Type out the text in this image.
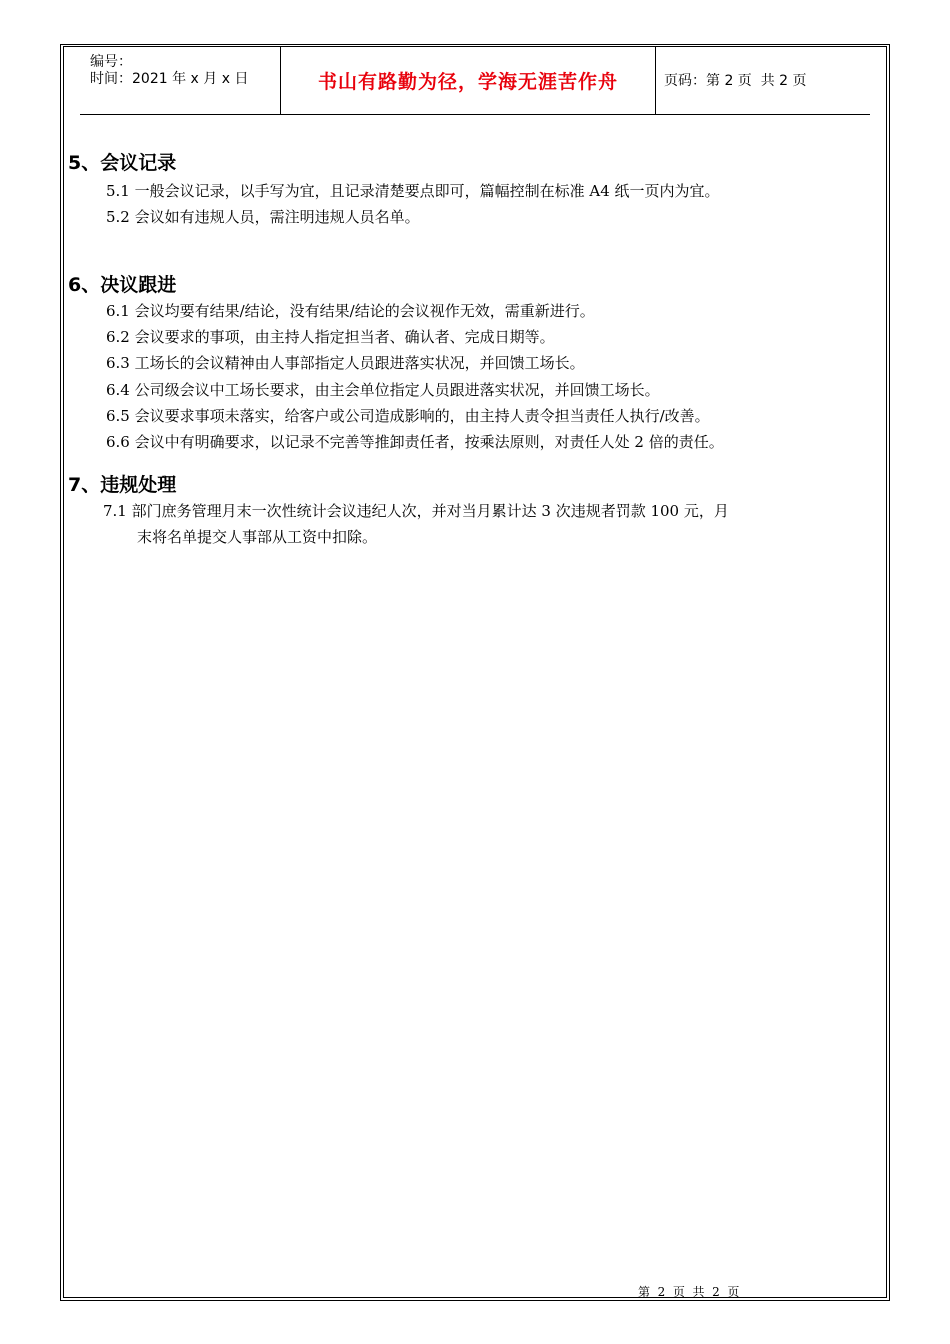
编号：
时间：2021 年 x 月 x 日	书山有路勤为径，学海无涯苦作舟	页码：第 2 页  共 2 页
5、会议记录
5.1 一般会议记录，以手写为宜，且记录清楚要点即可，篇幅控制在标准 A4 纸一页内为宜。
5.2 会议如有违规人员，需注明违规人员名单。
6、决议跟进
6.1 会议均要有结果/结论，没有结果/结论的会议视作无效，需重新进行。
6.2 会议要求的事项，由主持人指定担当者、确认者、完成日期等。
6.3 工场长的会议精神由人事部指定人员跟进落实状况，并回馈工场长。
6.4 公司级会议中工场长要求，由主会单位指定人员跟进落实状况，并回馈工场长。
6.5 会议要求事项未落实，给客户或公司造成影响的，由主持人责令担当责任人执行/改善。
6.6 会议中有明确要求，以记录不完善等推卸责任者，按乘法原则，对责任人处 2 倍的责任。
7、违规处理
7.1 部门庶务管理月末一次性统计会议违纪人次，并对当月累计达 3 次违规者罚款 100 元，月
末将名单提交人事部从工资中扣除。
第  2  页  共  2  页
